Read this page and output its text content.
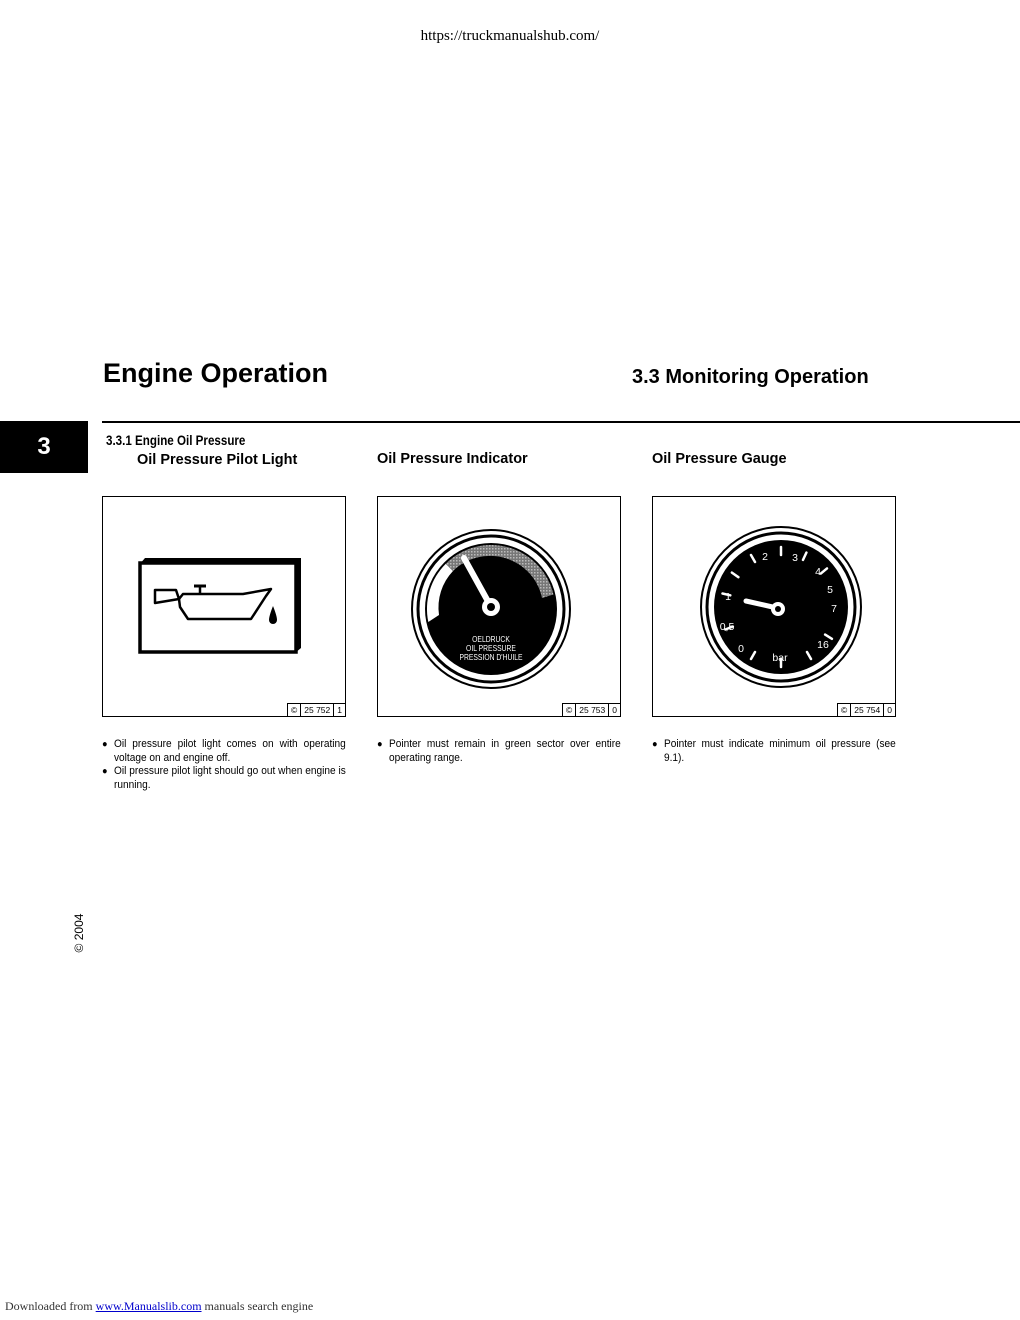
https://truckmanualshub.com/
Engine Operation	3.3 Monitoring Operation
3	3.3.1 Engine Oil Pressure
Oil Pressure Pilot Light	Oil Pressure Indicator	Oil Pressure Gauge
© 25 752 1
OELDRUCK
OIL PRESSURE
PRESSION D'HUILE
© 25 753 0
2 3
4
5
7
16
1
0,5
0
bar
© 25 754 0
● Oil pressure pilot light comes on with operating voltage on and engine off.
● Oil pressure pilot light should go out when engine is running.
● Pointer must remain in green sector over entire operating range.
● Pointer must indicate minimum oil pressure (see 9.1).
© 2004
Downloaded from www.Manualslib.com manuals search engine
